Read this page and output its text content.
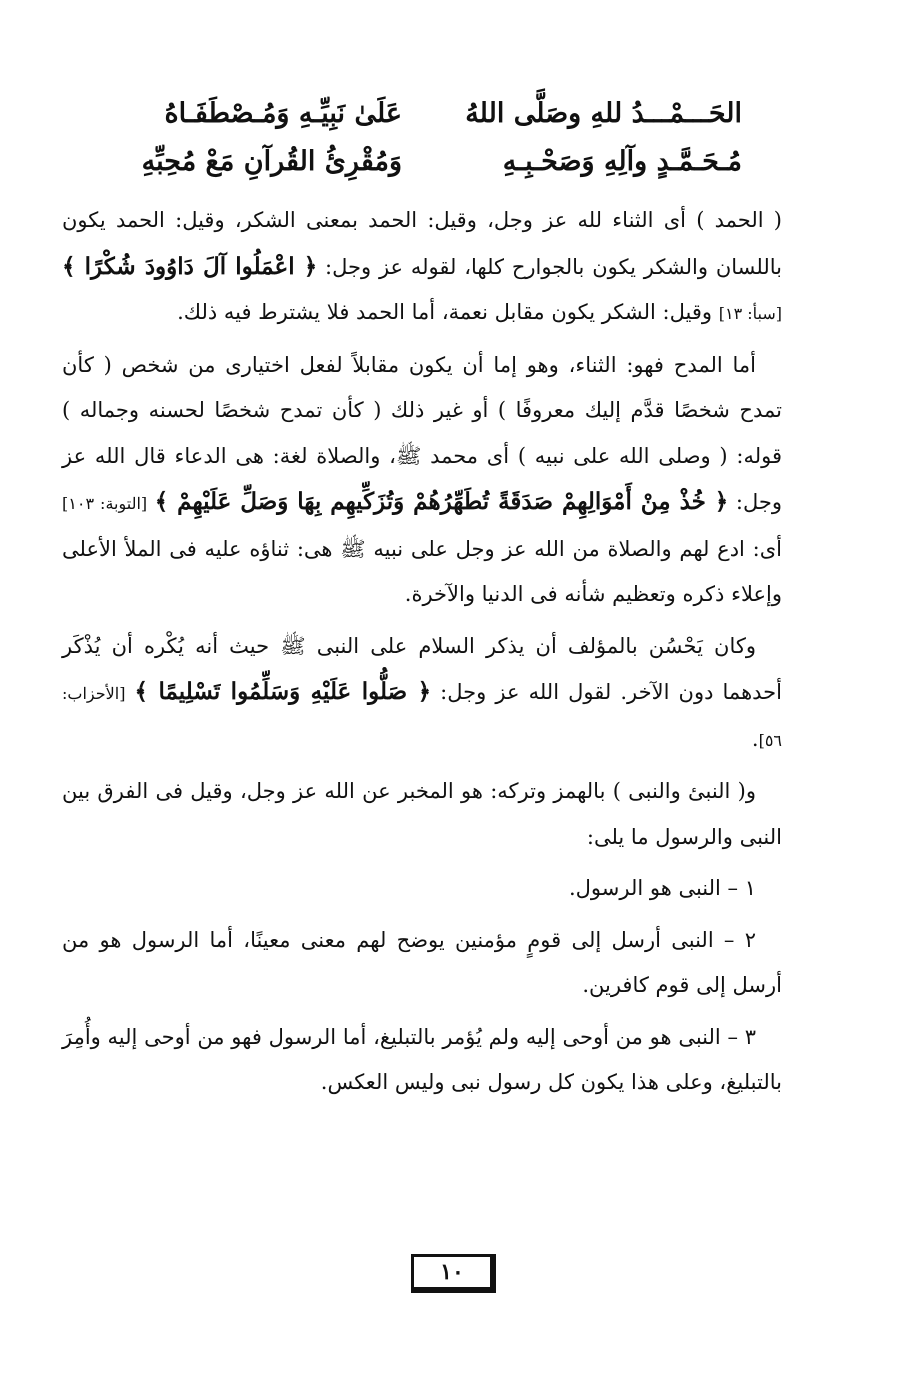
الحَـــمْـــدُ للهِ وصَلَّى اللهُ
عَلَىٰ نَبِيِّـهِ وَمُـصْطَفَـاهُ
مُـحَـمَّـدٍ وآلِهِ وَصَحْـبِـهِ
وَمُقْرِئُ القُرآنِ مَعْ مُحِبِّهِ

( الحمد ) أى الثناء لله عز وجل، وقيل: الحمد بمعنى الشكر، وقيل: الحمد يكون باللسان والشكر يكون بالجوارح كلها، لقوله عز وجل: ﴿ اعْمَلُوا آلَ دَاوُودَ شُكْرًا ﴾ [سبأ: ١٣] وقيل: الشكر يكون مقابل نعمة، أما الحمد فلا يشترط فيه ذلك.

أما المدح فهو: الثناء، وهو إما أن يكون مقابلاً لفعل اختيارى من شخص ( كأن تمدح شخصًا قدَّم إليك معروفًا ) أو غير ذلك ( كأن تمدح شخصًا لحسنه وجماله ) قوله: ( وصلى الله على نبيه ) أى محمد ﷺ، والصلاة لغة: هى الدعاء قال الله عز وجل: ﴿ خُذْ مِنْ أَمْوَالِهِمْ صَدَقَةً تُطَهِّرُهُمْ وَتُزَكِّيهِم بِهَا وَصَلِّ عَلَيْهِمْ ﴾ [التوبة: ١٠٣] أى: ادع لهم والصلاة من الله عز وجل على نبيه ﷺ هى: ثناؤه عليه فى الملأ الأعلى وإعلاء ذكره وتعظيم شأنه فى الدنيا والآخرة.

وكان يَحْسُن بالمؤلف أن يذكر السلام على النبى ﷺ حيث أنه يُكْره أن يُذْكَر أحدهما دون الآخر. لقول الله عز وجل: ﴿ صَلُّوا عَلَيْهِ وَسَلِّمُوا تَسْلِيمًا ﴾ [الأحزاب: ٥٦].

و( النبئ والنبى ) بالهمز وتركه: هو المخبر عن الله عز وجل، وقيل فى الفرق بين النبى والرسول ما يلى:

١ – النبى هو الرسول.

٢ – النبى أرسل إلى قومٍ مؤمنين يوضح لهم معنى معينًا، أما الرسول هو من أرسل إلى قوم كافرين.

٣ – النبى هو من أوحى إليه ولم يُؤمر بالتبليغ، أما الرسول فهو من أوحى إليه وأُمِرَ بالتبليغ، وعلى هذا يكون كل رسول نبى وليس العكس.

١٠
